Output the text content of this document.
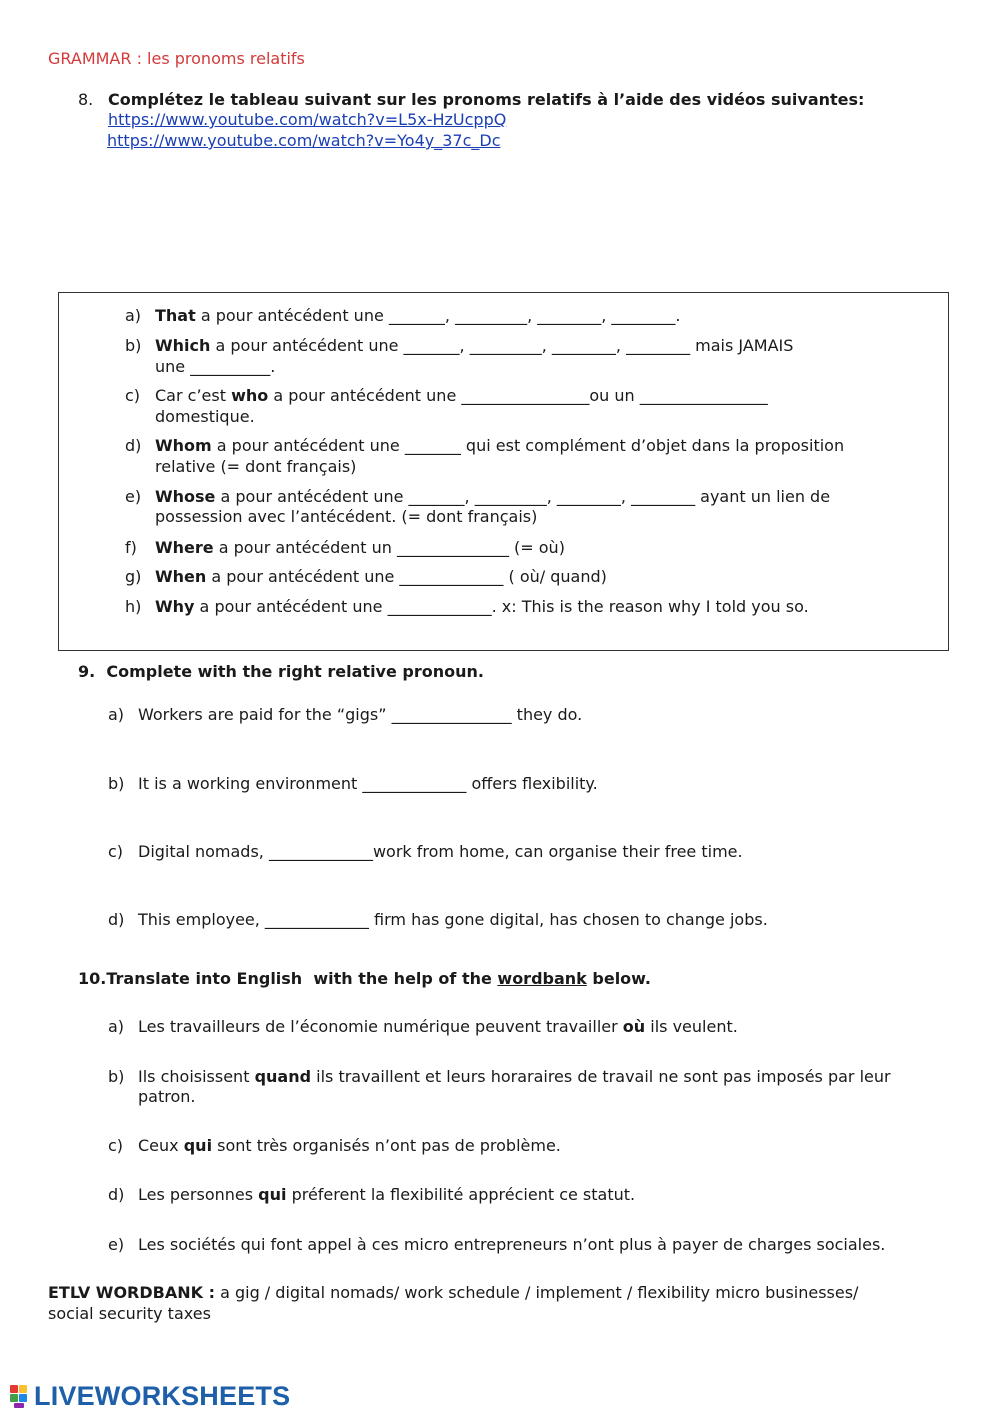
GRAMMAR : les pronoms relatifs
8. Complétez le tableau suivant sur les pronoms relatifs à l’aide des vidéos suivantes:
https://www.youtube.com/watch?v=L5x-HzUcppQ
https://www.youtube.com/watch?v=Yo4y_37c_Dc
a) That a pour antécédent une _______, _________, ________, ________.
b) Which a pour antécédent une _______, _________, ________, ________ mais JAMAIS
une __________.
c) Car c’est who a pour antécédent une ________________ou un ________________
domestique.
d) Whom a pour antécédent une _______ qui est complément d’objet dans la proposition
relative (= dont français)
e) Whose a pour antécédent une _______, _________, ________, ________ ayant un lien de
possession avec l’antécédent. (= dont français)
f) Where a pour antécédent un ______________ (= où)
g) When a pour antécédent une _____________ ( où/ quand)
h) Why a pour antécédent une _____________. x: This is the reason why I told you so.
9.  Complete with the right relative pronoun.
a) Workers are paid for the “gigs” _______________ they do.
b) It is a working environment _____________ offers flexibility.
c) Digital nomads, _____________work from home, can organise their free time.
d) This employee, _____________ firm has gone digital, has chosen to change jobs.
10.Translate into English  with the help of the wordbank below.
a) Les travailleurs de l’économie numérique peuvent travailler où ils veulent.
b) Ils choisissent quand ils travaillent et leurs horaraires de travail ne sont pas imposés par leur
patron.
c) Ceux qui sont très organisés n’ont pas de problème.
d) Les personnes qui préferent la flexibilité apprécient ce statut.
e) Les sociétés qui font appel à ces micro entrepreneurs n’ont plus à payer de charges sociales.
ETLV WORDBANK : a gig / digital nomads/ work schedule / implement / flexibility micro businesses/
social security taxes
LIVEWORKSHEETS
